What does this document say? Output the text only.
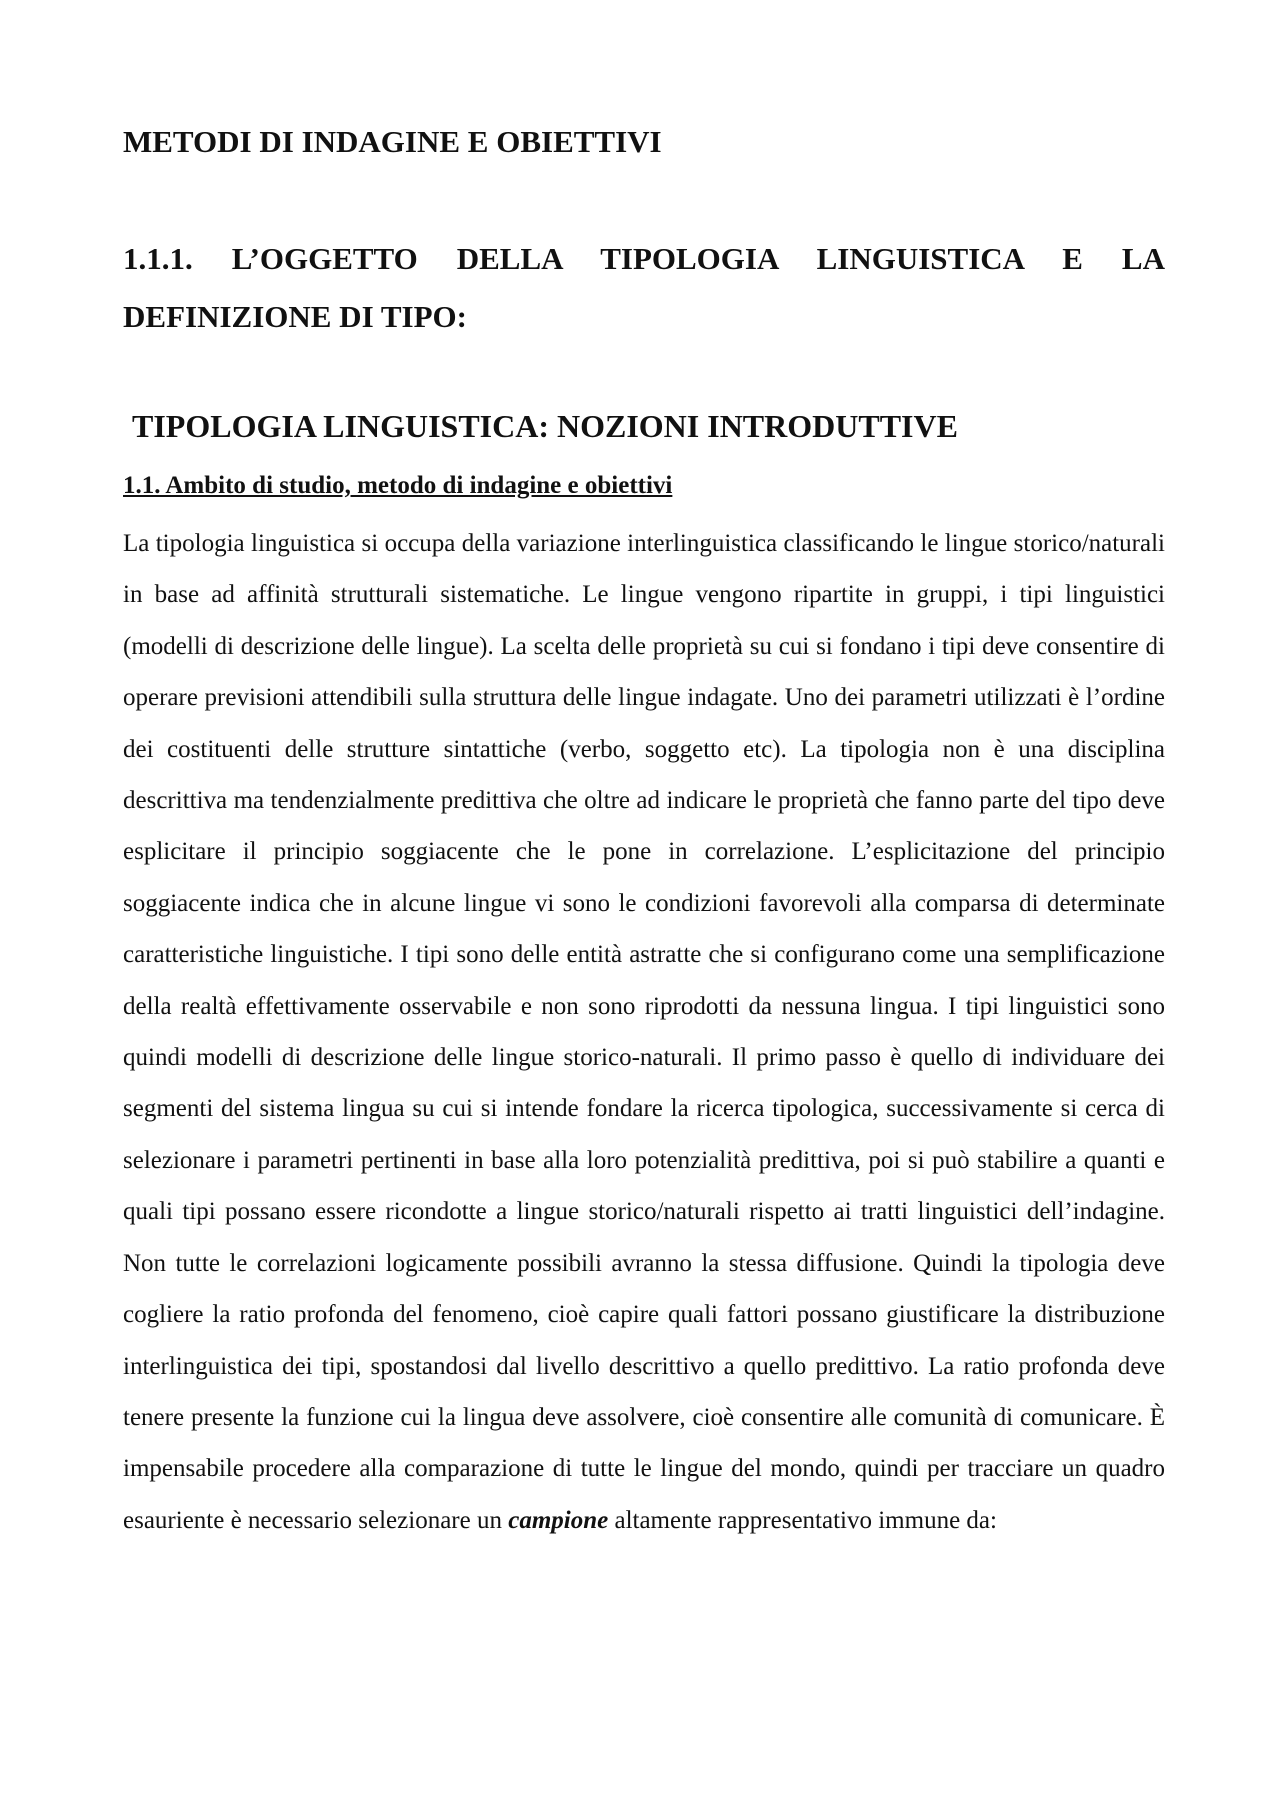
METODI DI INDAGINE E OBIETTIVI
1.1.1. L’OGGETTO DELLA TIPOLOGIA LINGUISTICA E LA DEFINIZIONE DI TIPO:
TIPOLOGIA LINGUISTICA: NOZIONI INTRODUTTIVE
1.1. Ambito di studio, metodo di indagine e obiettivi

La tipologia linguistica si occupa della variazione interlinguistica classificando le lingue storico/naturali in base ad affinità strutturali sistematiche. Le lingue vengono ripartite in gruppi, i tipi linguistici (modelli di descrizione delle lingue). La scelta delle proprietà su cui si fondano i tipi deve consentire di operare previsioni attendibili sulla struttura delle lingue indagate. Uno dei parametri utilizzati è l’ordine dei costituenti delle strutture sintattiche (verbo, soggetto etc). La tipologia non è una disciplina descrittiva ma tendenzialmente predittiva che oltre ad indicare le proprietà che fanno parte del tipo deve esplicitare il principio soggiacente che le pone in correlazione. L’esplicitazione del principio soggiacente indica che in alcune lingue vi sono le condizioni favorevoli alla comparsa di determinate caratteristiche linguistiche. I tipi sono delle entità astratte che si configurano come una semplificazione della realtà effettivamente osservabile e non sono riprodotti da nessuna lingua. I tipi linguistici sono quindi modelli di descrizione delle lingue storico-naturali. Il primo passo è quello di individuare dei segmenti del sistema lingua su cui si intende fondare la ricerca tipologica, successivamente si cerca di selezionare i parametri pertinenti in base alla loro potenzialità predittiva, poi si può stabilire a quanti e quali tipi possano essere ricondotte a lingue storico/naturali rispetto ai tratti linguistici dell’indagine. Non tutte le correlazioni logicamente possibili avranno la stessa diffusione. Quindi la tipologia deve cogliere la ratio profonda del fenomeno, cioè capire quali fattori possano giustificare la distribuzione interlinguistica dei tipi, spostandosi dal livello descrittivo a quello predittivo. La ratio profonda deve tenere presente la funzione cui la lingua deve assolvere, cioè consentire alle comunità di comunicare. È impensabile procedere alla comparazione di tutte le lingue del mondo, quindi per tracciare un quadro esauriente è necessario selezionare un campione altamente rappresentativo immune da:
